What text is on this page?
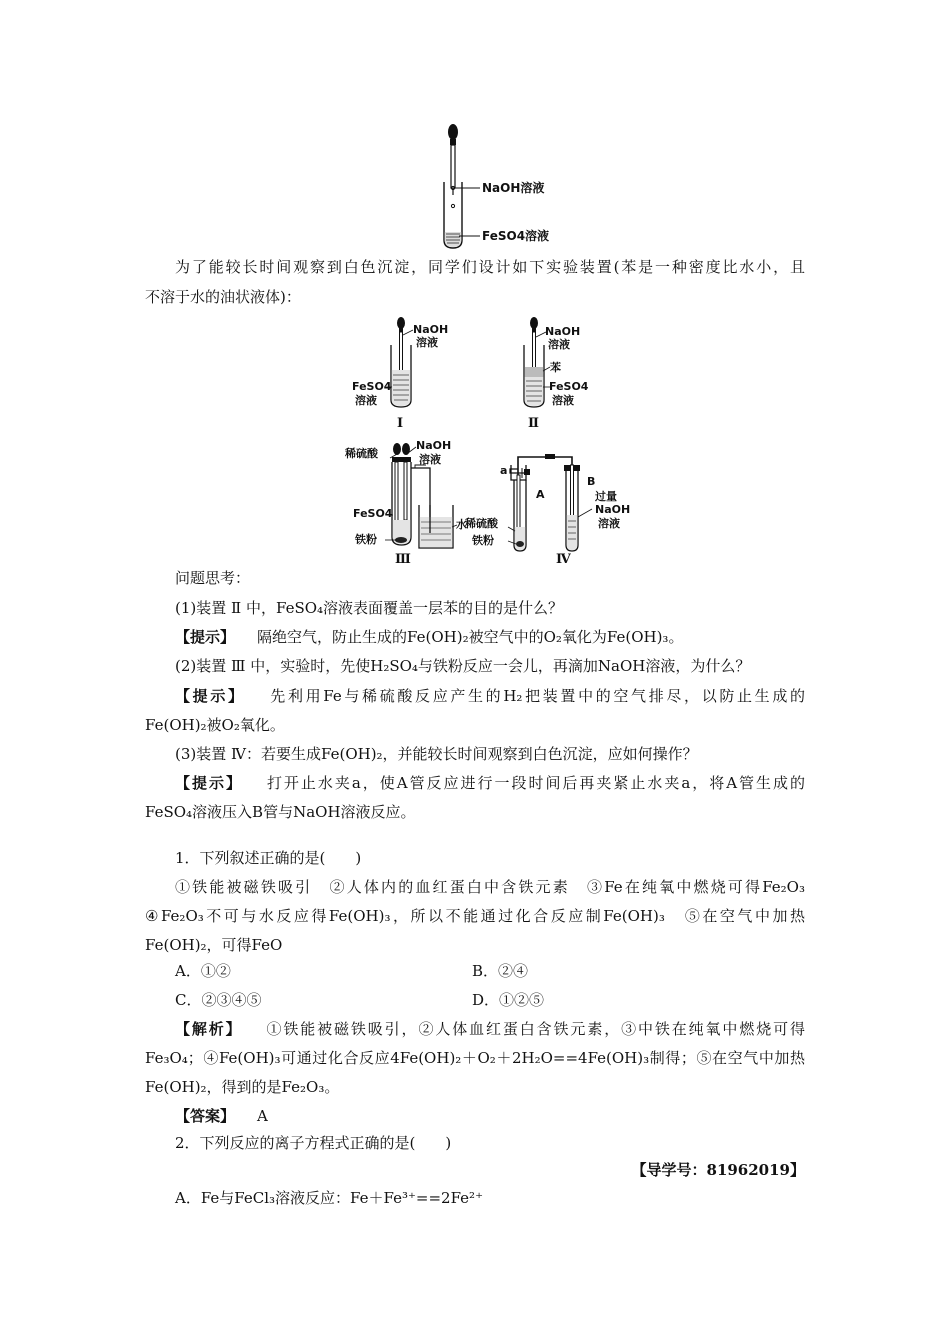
NaOH溶液
FeSO4溶液
为了能较长时间观察到白色沉淀，同学们设计如下实验装置(苯是一种密度比水小，且
不溶于水的油状液体)：
NaOH
溶液
FeSO4
溶液
Ⅰ
NaOH
溶液
苯
FeSO4
溶液
Ⅱ
稀硫酸
NaOH
溶液
FeSO4
铁粉
水
Ⅲ
a
A
B
过量
NaOH
溶液
稀硫酸
铁粉
Ⅳ
问题思考：
(1)装置 Ⅱ 中，FeSO₄溶液表面覆盖一层苯的目的是什么？
【提示】 隔绝空气，防止生成的Fe(OH)₂被空气中的O₂氧化为Fe(OH)₃。
(2)装置 Ⅲ 中，实验时，先使H₂SO₄与铁粉反应一会儿，再滴加NaOH溶液，为什么？
【提示】 先利用Fe与稀硫酸反应产生的H₂把装置中的空气排尽，以防止生成的
Fe(OH)₂被O₂氧化。
(3)装置 Ⅳ：若要生成Fe(OH)₂，并能较长时间观察到白色沉淀，应如何操作？
【提示】 打开止水夹a，使A管反应进行一段时间后再夹紧止水夹a，将A管生成的
FeSO₄溶液压入B管与NaOH溶液反应。
1．下列叙述正确的是(　　)
①铁能被磁铁吸引　②人体内的血红蛋白中含铁元素　③Fe在纯氧中燃烧可得Fe₂O₃
④Fe₂O₃不可与水反应得Fe(OH)₃，所以不能通过化合反应制Fe(OH)₃　⑤在空气中加热
Fe(OH)₂，可得FeO
A．①②	B．②④
C．②③④⑤	D．①②⑤
【解析】 ①铁能被磁铁吸引，②人体血红蛋白含铁元素，③中铁在纯氧中燃烧可得
Fe₃O₄；④Fe(OH)₃可通过化合反应4Fe(OH)₂＋O₂＋2H₂O==4Fe(OH)₃制得；⑤在空气中加热
Fe(OH)₂，得到的是Fe₂O₃。
【答案】 A
2．下列反应的离子方程式正确的是(　　)
【导学号：81962019】
A．Fe与FeCl₃溶液反应：Fe＋Fe³⁺==2Fe²⁺
